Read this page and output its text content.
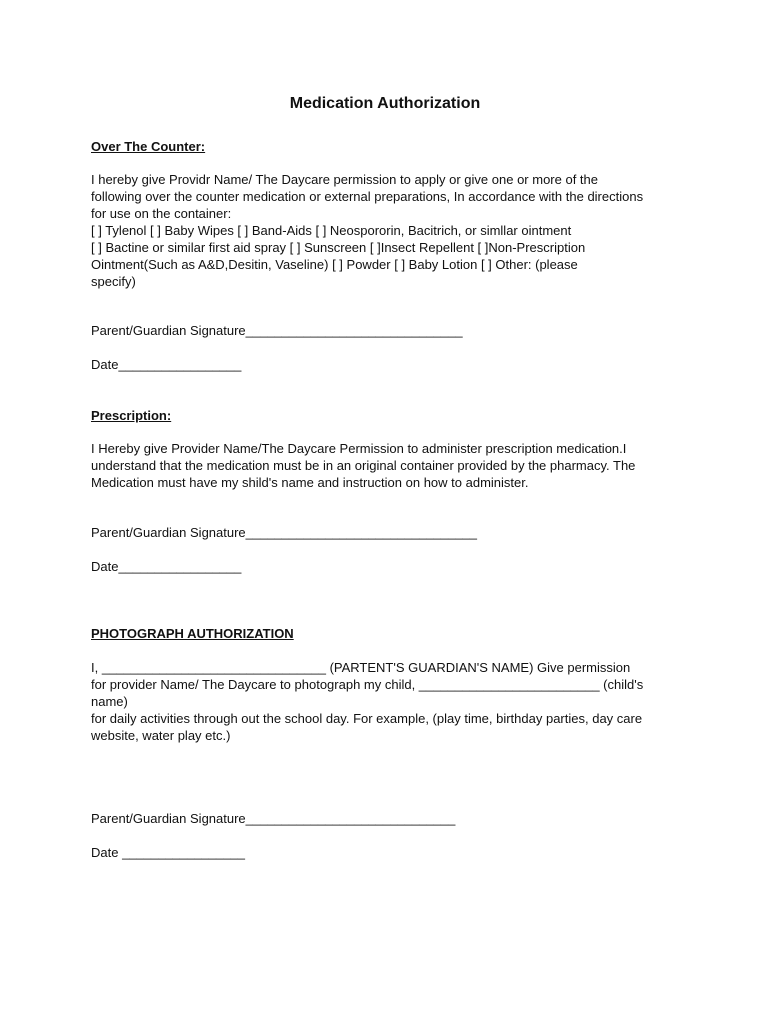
Medication Authorization
Over The Counter:
I hereby give Providr Name/ The Daycare permission to apply or give one or more of the
following over the counter medication or external preparations, In accordance with the directions
for use on the container:
[ ] Tylenol [ ] Baby Wipes [ ] Band-Aids [ ] Neospororin, Bacitrich, or simllar ointment
[ ] Bactine or similar first aid spray [ ] Sunscreen [ ]Insect Repellent [ ]Non-Prescription
Ointment(Such as A&D,Desitin, Vaseline) [ ] Powder [ ] Baby Lotion [ ] Other: (please
specify)
Parent/Guardian Signature______________________________
Date_________________
Prescription:
I Hereby give Provider Name/The Daycare Permission to administer prescription medication.I
understand that the medication must be in an original container provided by the pharmacy. The
Medication must have my shild's name and instruction on how to administer.
Parent/Guardian Signature________________________________
Date_________________
PHOTOGRAPH AUTHORIZATION
I, _______________________________ (PARTENT'S GUARDIAN'S NAME) Give permission
for provider Name/ The Daycare to photograph my child, _________________________ (child's
name)
for daily activities through out the school day. For example, (play time, birthday parties, day care
website, water play etc.)
Parent/Guardian Signature_____________________________
Date _________________
